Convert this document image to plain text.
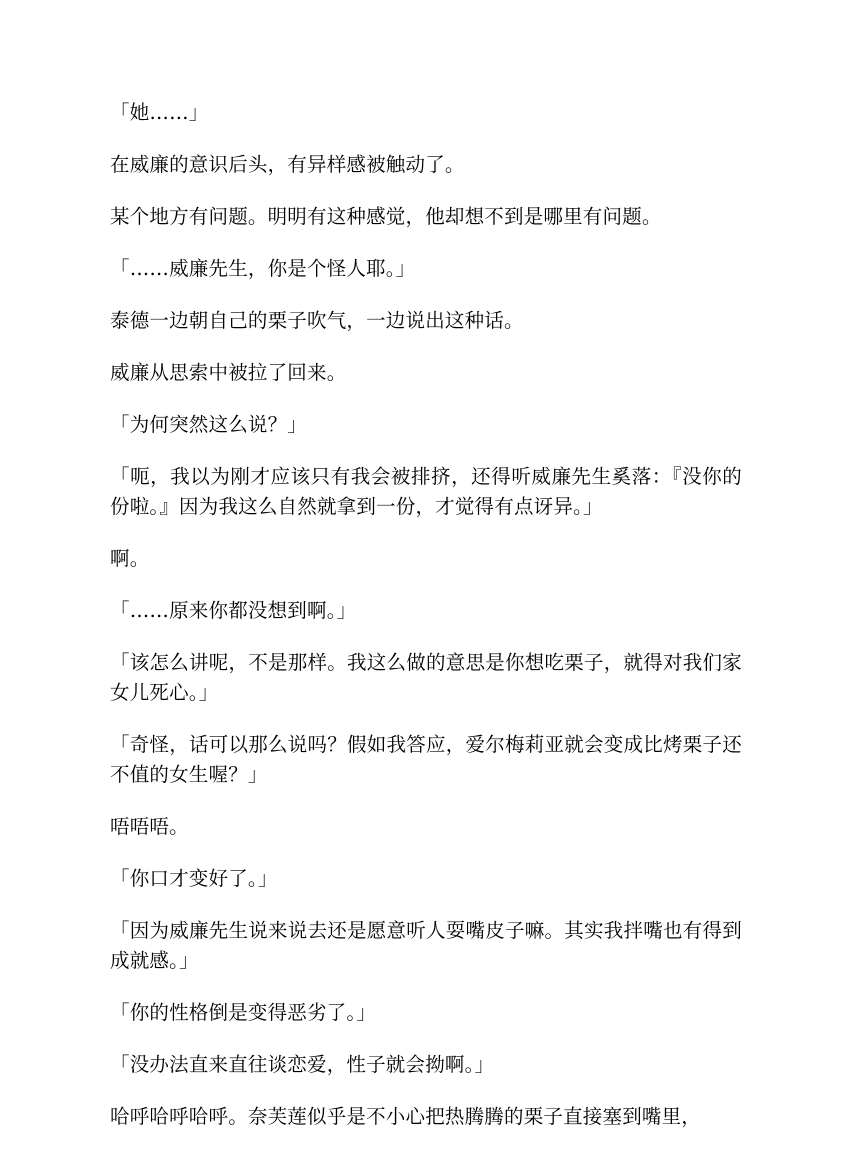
「她……」

在威廉的意识后头，有异样感被触动了。

某个地方有问题。明明有这种感觉，他却想不到是哪里有问题。

「……威廉先生，你是个怪人耶。」

泰德一边朝自己的栗子吹气，一边说出这种话。

威廉从思索中被拉了回来。

「为何突然这么说？」

「呃，我以为刚才应该只有我会被排挤，还得听威廉先生奚落：『没你的份啦。』因为我这么自然就拿到一份，才觉得有点讶异。」

啊。

「……原来你都没想到啊。」

「该怎么讲呢，不是那样。我这么做的意思是你想吃栗子，就得对我们家女儿死心。」

「奇怪，话可以那么说吗？假如我答应，爱尔梅莉亚就会变成比烤栗子还不值的女生喔？」

唔唔唔。

「你口才变好了。」

「因为威廉先生说来说去还是愿意听人耍嘴皮子嘛。其实我拌嘴也有得到成就感。」

「你的性格倒是变得恶劣了。」

「没办法直来直往谈恋爱，性子就会拗啊。」

哈呼哈呼哈呼。奈芙莲似乎是不小心把热腾腾的栗子直接塞到嘴里，
